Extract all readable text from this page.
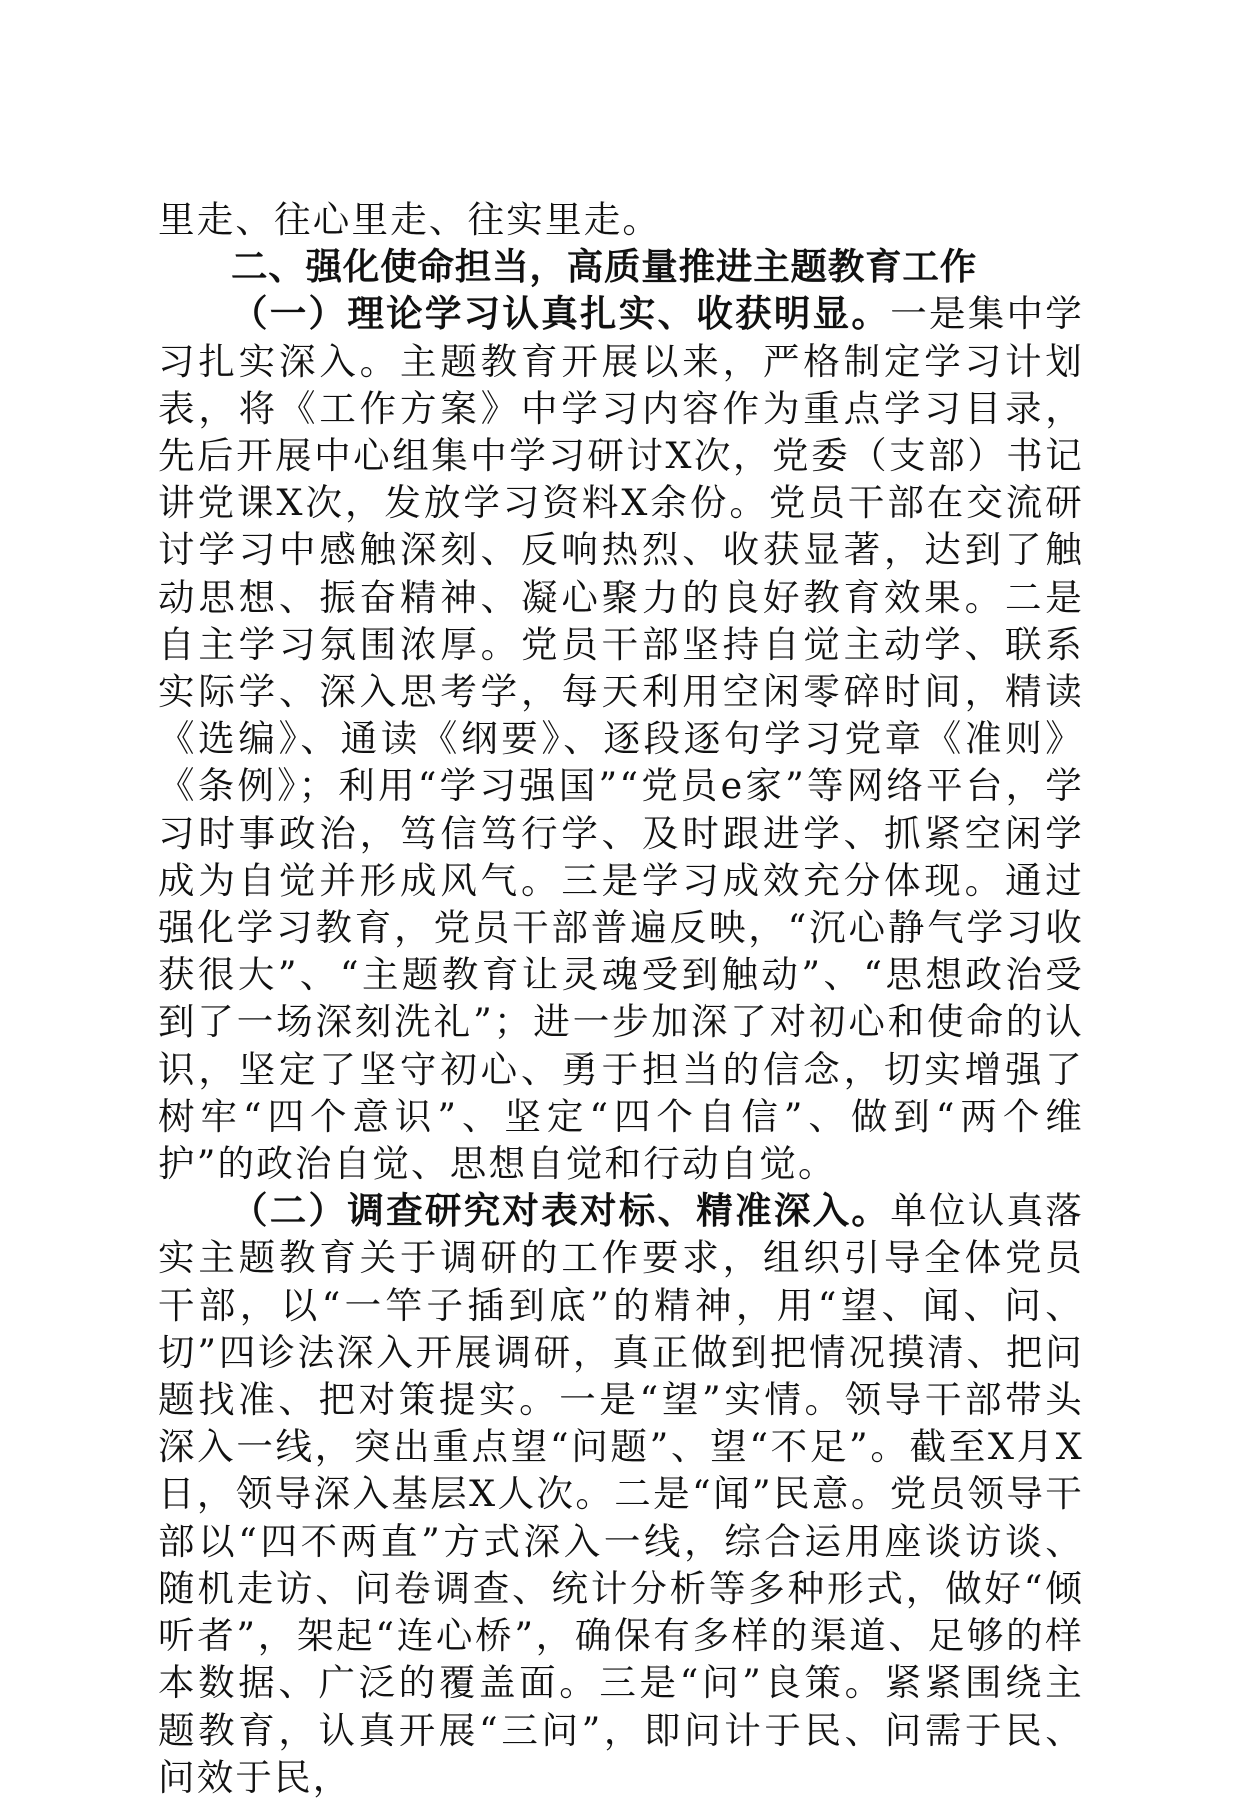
里走、往心里走、往实里走。

二、强化使命担当，高质量推进主题教育工作

（一）理论学习认真扎实、收获明显。一是集中学习扎实深入。主题教育开展以来，严格制定学习计划表，将《工作方案》中学习内容作为重点学习目录，先后开展中心组集中学习研讨X次，党委（支部）书记讲党课X次，发放学习资料X余份。党员干部在交流研讨学习中感触深刻、反响热烈、收获显著，达到了触动思想、振奋精神、凝心聚力的良好教育效果。二是自主学习氛围浓厚。党员干部坚持自觉主动学、联系实际学、深入思考学，每天利用空闲零碎时间，精读《选编》、通读《纲要》、逐段逐句学习党章《准则》《条例》；利用“学习强国”“党员e家”等网络平台，学习时事政治，笃信笃行学、及时跟进学、抓紧空闲学成为自觉并形成风气。三是学习成效充分体现。通过强化学习教育，党员干部普遍反映，“沉心静气学习收获很大”、“主题教育让灵魂受到触动”、“思想政治受到了一场深刻洗礼”；进一步加深了对初心和使命的认识，坚定了坚守初心、勇于担当的信念，切实增强了树牢“四个意识”、坚定“四个自信”、做到“两个维护”的政治自觉、思想自觉和行动自觉。

（二）调查研究对表对标、精准深入。单位认真落实主题教育关于调研的工作要求，组织引导全体党员干部，以“一竿子插到底”的精神，用“望、闻、问、切”四诊法深入开展调研，真正做到把情况摸清、把问题找准、把对策提实。一是“望”实情。领导干部带头深入一线，突出重点望“问题”、望“不足”。截至X月X日，领导深入基层X人次。二是“闻”民意。党员领导干部以“四不两直”方式深入一线，综合运用座谈访谈、随机走访、问卷调查、统计分析等多种形式，做好“倾听者”，架起“连心桥”，确保有多样的渠道、足够的样本数据、广泛的覆盖面。三是“问”良策。紧紧围绕主题教育，认真开展“三问”，即问计于民、问需于民、问效于民，
